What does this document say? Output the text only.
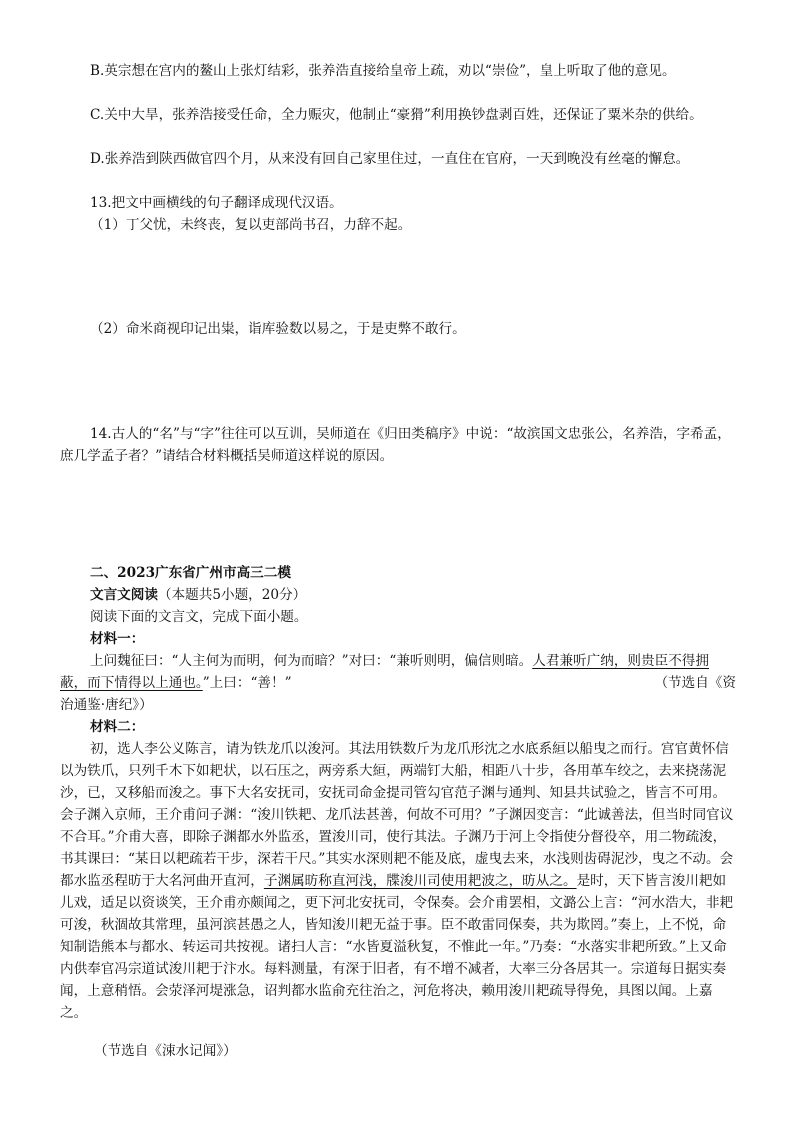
B.英宗想在宫内的鳌山上张灯结彩，张养浩直接给皇帝上疏，劝以“崇俭”，皇上听取了他的意见。

C.关中大旱，张养浩接受任命，全力赈灾，他制止“豪猾”利用换钞盘剥百姓，还保证了粟米杂的供给。

D.张养浩到陕西做官四个月，从来没有回自己家里住过，一直住在官府，一天到晚没有丝毫的懈怠。

13.把文中画横线的句子翻译成现代汉语。

（1）丁父忧，未终丧，复以吏部尚书召，力辞不起。

（2）命米商视印记出粜，诣库验数以易之，于是吏弊不敢行。

14.古人的“名”与“字”往往可以互训，吴师道在《归田类稿序》中说：“故滨国文忠张公，名养浩，字希孟，庶几学孟子者？”请结合材料概括吴师道这样说的原因。

二、2023广东省广州市高三二模

文言文阅读（本题共5小题，20分）

阅读下面的文言文，完成下面小题。

材料一：

上问魏征曰：“人主何为而明，何为而暗？”对曰：“兼听则明，偏信则暗。人君兼听广纳，则贵臣不得拥蔽，而下情得以上通也。”上曰：“善！”	（节选自《资

治通鉴·唐纪》）

材料二：

初，选人李公义陈言，请为铁龙爪以浚河。其法用铁数斤为龙爪形沈之水底系絙以船曳之而行。宫官黄怀信以为铁爪，只列千木下如耙状，以石压之，两旁系大絙，两端钉大船，相距八十步，各用革车绞之，去来挠荡泥沙，已，又移船而浚之。事下大名安抚司，安抚司命金提司管勾官范子渊与通判、知县共试验之，皆言不可用。会子渊入京师，王介甫问子渊：“浚川铁耙、龙爪法甚善，何故不可用？”子渊因变言：“此诚善法，但当时同官议不合耳。”介甫大喜，即除子渊都水外监丞，置浚川司，使行其法。子渊乃于河上令指使分督役卒，用二物疏浚，书其课曰：“某日以耙疏若干步，深若干尺。”其实水深则耙不能及底，虚曳去来，水浅则齿碍泥沙，曳之不动。会都水监丞程昉于大名河曲开直河，子渊属昉称直河浅，牒浚川司使用耙波之，昉从之。是时，天下皆言浚川耙如儿戏，适足以资谈笑，王介甫亦颇闻之，更下河北安抚司，令保奏。会介甫罢相，文潞公上言：“河水浩大，非耙可浚，秋涸故其常理，虽河滨甚愚之人，皆知浚川耙无益于事。臣不敢雷同保奏，共为欺罔。”奏上，上不悦，命知制诰熊本与都水、转运司共按视。诸扫人言：“水皆夏溢秋复，不惟此一年。”乃奏：“水落实非耙所致。”上又命内供奉官冯宗道试浚川耙于汴水。每料测量，有深于旧者，有不增不减者，大率三分各居其一。宗道每日据实奏闻，上意稍悟。会荥泽河堤涨急，诏判都水监俞充往治之，河危将决，赖用浚川耙疏导得免，具图以闻。上嘉之。

（节选自《涑水记闻》）
